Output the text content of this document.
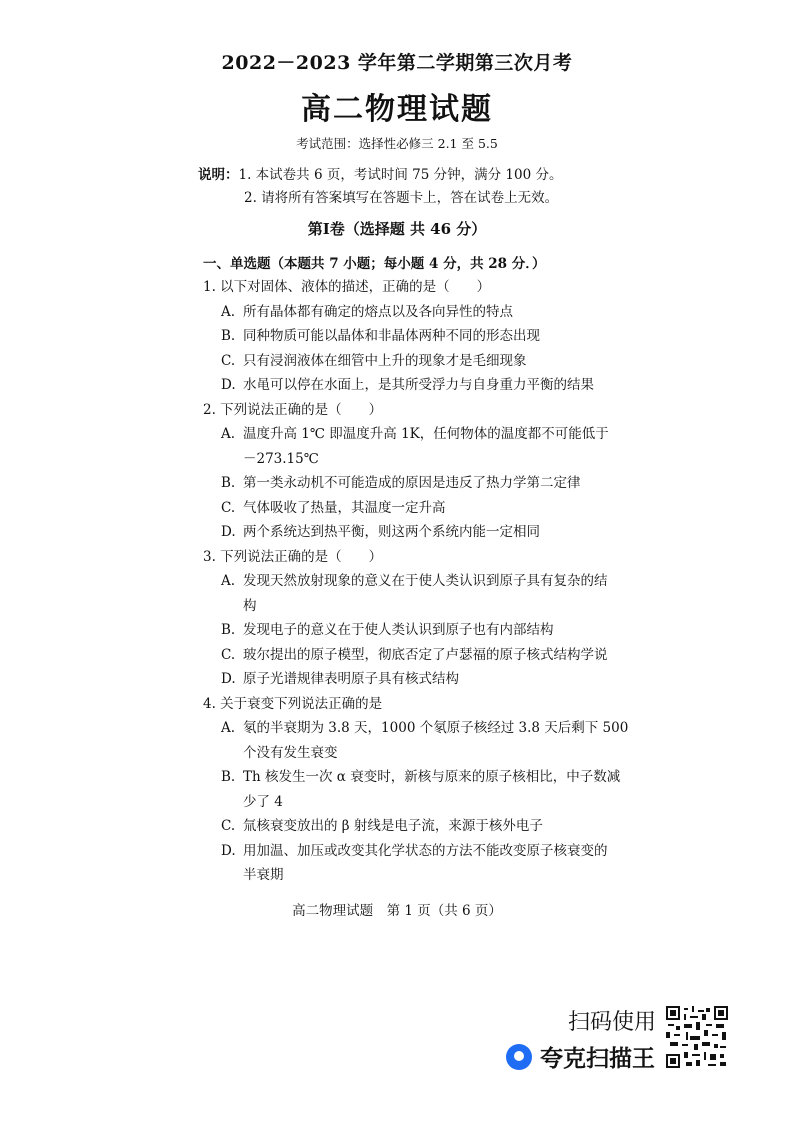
2022－2023 学年第二学期第三次月考
高二物理试题
考试范围：选择性必修三 2.1 至 5.5
说明：1. 本试卷共 6 页，考试时间 75 分钟，满分 100 分。
2. 请将所有答案填写在答题卡上，答在试卷上无效。
第Ⅰ卷（选择题 共 46 分）
一、单选题（本题共 7 小题；每小题 4 分，共 28 分．）
1. 以下对固体、液体的描述，正确的是（　　）
A. 所有晶体都有确定的熔点以及各向异性的特点
B. 同种物质可能以晶体和非晶体两种不同的形态出现
C. 只有浸润液体在细管中上升的现象才是毛细现象
D. 水黾可以停在水面上，是其所受浮力与自身重力平衡的结果
2. 下列说法正确的是（　　）
A. 温度升高 1℃ 即温度升高 1K，任何物体的温度都不可能低于
－273.15℃
B. 第一类永动机不可能造成的原因是违反了热力学第二定律
C. 气体吸收了热量，其温度一定升高
D. 两个系统达到热平衡，则这两个系统内能一定相同
3. 下列说法正确的是（　　）
A. 发现天然放射现象的意义在于使人类认识到原子具有复杂的结
构
B. 发现电子的意义在于使人类认识到原子也有内部结构
C. 玻尔提出的原子模型，彻底否定了卢瑟福的原子核式结构学说
D. 原子光谱规律表明原子具有核式结构
4. 关于衰变下列说法正确的是
A. 氡的半衰期为 3.8 天，1000 个氡原子核经过 3.8 天后剩下 500
个没有发生衰变
B. Th 核发生一次 α 衰变时，新核与原来的原子核相比，中子数减
少了 4
C. 氚核衰变放出的 β 射线是电子流，来源于核外电子
D. 用加温、加压或改变其化学状态的方法不能改变原子核衰变的
半衰期
高二物理试题　第 1 页（共 6 页）
扫码使用
夸克扫描王
